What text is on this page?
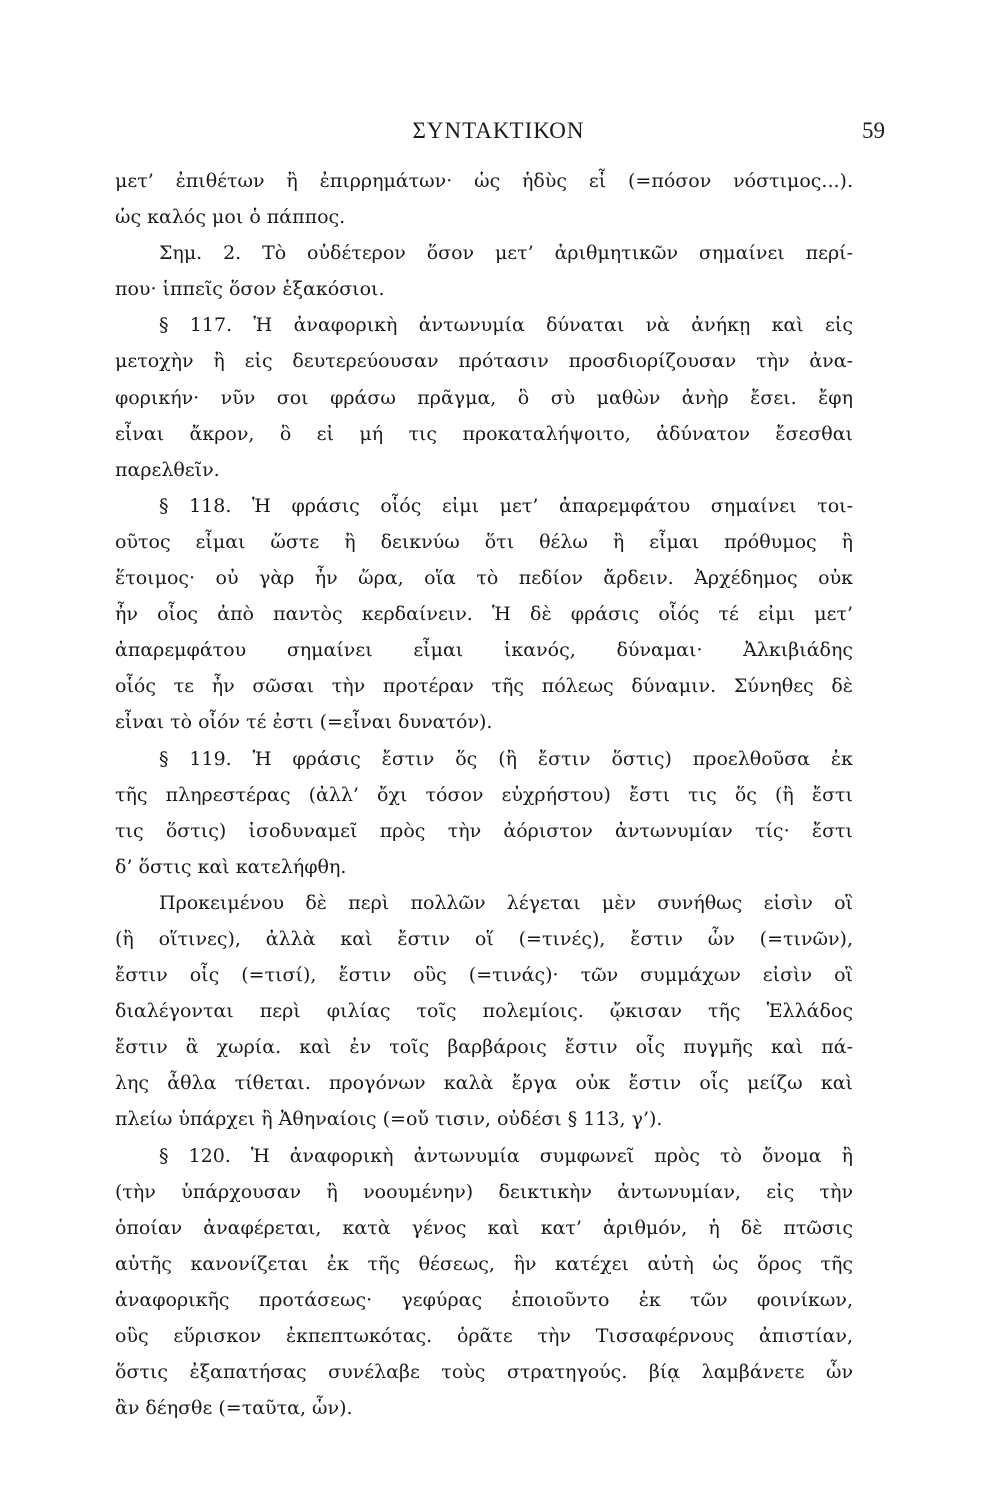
ΣΥΝΤΑΚΤΙΚΟΝ	59
μετ’ ἐπιθέτων ἢ ἐπιρρημάτων· ὡς ἡδὺς εἶ (=πόσον νόστιμος...).
ὡς καλός μοι ὁ πάππος.
Σημ. 2. Τὸ οὐδέτερον ὅσον μετ’ ἀριθμητικῶν σημαίνει περί-
που· ἱππεῖς ὅσον ἑξακόσιοι.
§ 117. Ἡ ἀναφορικὴ ἀντωνυμία δύναται νὰ ἀνήκῃ καὶ εἰς
μετοχὴν ἢ εἰς δευτερεύουσαν πρότασιν προσδιορίζουσαν τὴν ἀνα-
φορικήν· νῦν σοι φράσω πρᾶγμα, ὃ σὺ μαθὼν ἀνὴρ ἔσει. ἔφη
εἶναι ἄκρον, ὃ εἰ μή τις προκαταλήψοιτο, ἀδύνατον ἔσεσθαι
παρελθεῖν.
§ 118. Ἡ φράσις οἷός εἰμι μετ’ ἀπαρεμφάτου σημαίνει τοι-
οῦτος εἶμαι ὥστε ἢ δεικνύω ὅτι θέλω ἢ εἶμαι πρόθυμος ἢ
ἕτοιμος· οὐ γὰρ ἦν ὥρα, οἵα τὸ πεδίον ἄρδειν. Ἀρχέδημος οὐκ
ἦν οἷος ἀπὸ παντὸς κερδαίνειν. Ἡ δὲ φράσις οἷός τέ εἰμι μετ’
ἀπαρεμφάτου σημαίνει εἶμαι ἱκανός, δύναμαι· Ἀλκιβιάδης
οἷός τε ἦν σῶσαι τὴν προτέραν τῆς πόλεως δύναμιν. Σύνηθες δὲ
εἶναι τὸ οἷόν τέ ἐστι (=εἶναι δυνατόν).
§ 119. Ἡ φράσις ἔστιν ὅς (ἢ ἔστιν ὅστις) προελθοῦσα ἐκ
τῆς πληρεστέρας (ἀλλ’ ὄχι τόσον εὐχρήστου) ἔστι τις ὅς (ἢ ἔστι
τις ὅστις) ἰσοδυναμεῖ πρὸς τὴν ἀόριστον ἀντωνυμίαν τίς· ἔστι
δ’ ὅστις καὶ κατελήφθη.
Προκειμένου δὲ περὶ πολλῶν λέγεται μὲν συνήθως εἰσὶν οἳ
(ἢ οἵτινες), ἀλλὰ καὶ ἔστιν οἵ (=τινές), ἔστιν ὧν (=τινῶν),
ἔστιν οἷς (=τισί), ἔστιν οὓς (=τινάς)· τῶν συμμάχων εἰσὶν οἳ
διαλέγονται περὶ φιλίας τοῖς πολεμίοις. ᾤκισαν τῆς Ἑλλάδος
ἔστιν ἃ χωρία. καὶ ἐν τοῖς βαρβάροις ἔστιν οἷς πυγμῆς καὶ πά-
λης ἆθλα τίθεται. προγόνων καλὰ ἔργα οὐκ ἔστιν οἷς μείζω καὶ
πλείω ὑπάρχει ἢ Ἀθηναίοις (=οὔ τισιν, οὐδέσι § 113, γ’).
§ 120. Ἡ ἀναφορικὴ ἀντωνυμία συμφωνεῖ πρὸς τὸ ὄνομα ἢ
(τὴν ὑπάρχουσαν ἢ νοουμένην) δεικτικὴν ἀντωνυμίαν, εἰς τὴν
ὁποίαν ἀναφέρεται, κατὰ γένος καὶ κατ’ ἀριθμόν, ἡ δὲ πτῶσις
αὐτῆς κανονίζεται ἐκ τῆς θέσεως, ἣν κατέχει αὐτὴ ὡς ὅρος τῆς
ἀναφορικῆς προτάσεως· γεφύρας ἐποιοῦντο ἐκ τῶν φοινίκων,
οὓς εὕρισκον ἐκπεπτωκότας. ὁρᾶτε τὴν Τισσαφέρνους ἀπιστίαν,
ὅστις ἐξαπατήσας συνέλαβε τοὺς στρατηγούς. βίᾳ λαμβάνετε ὧν
ἂν δέησθε (=ταῦτα, ὧν).
